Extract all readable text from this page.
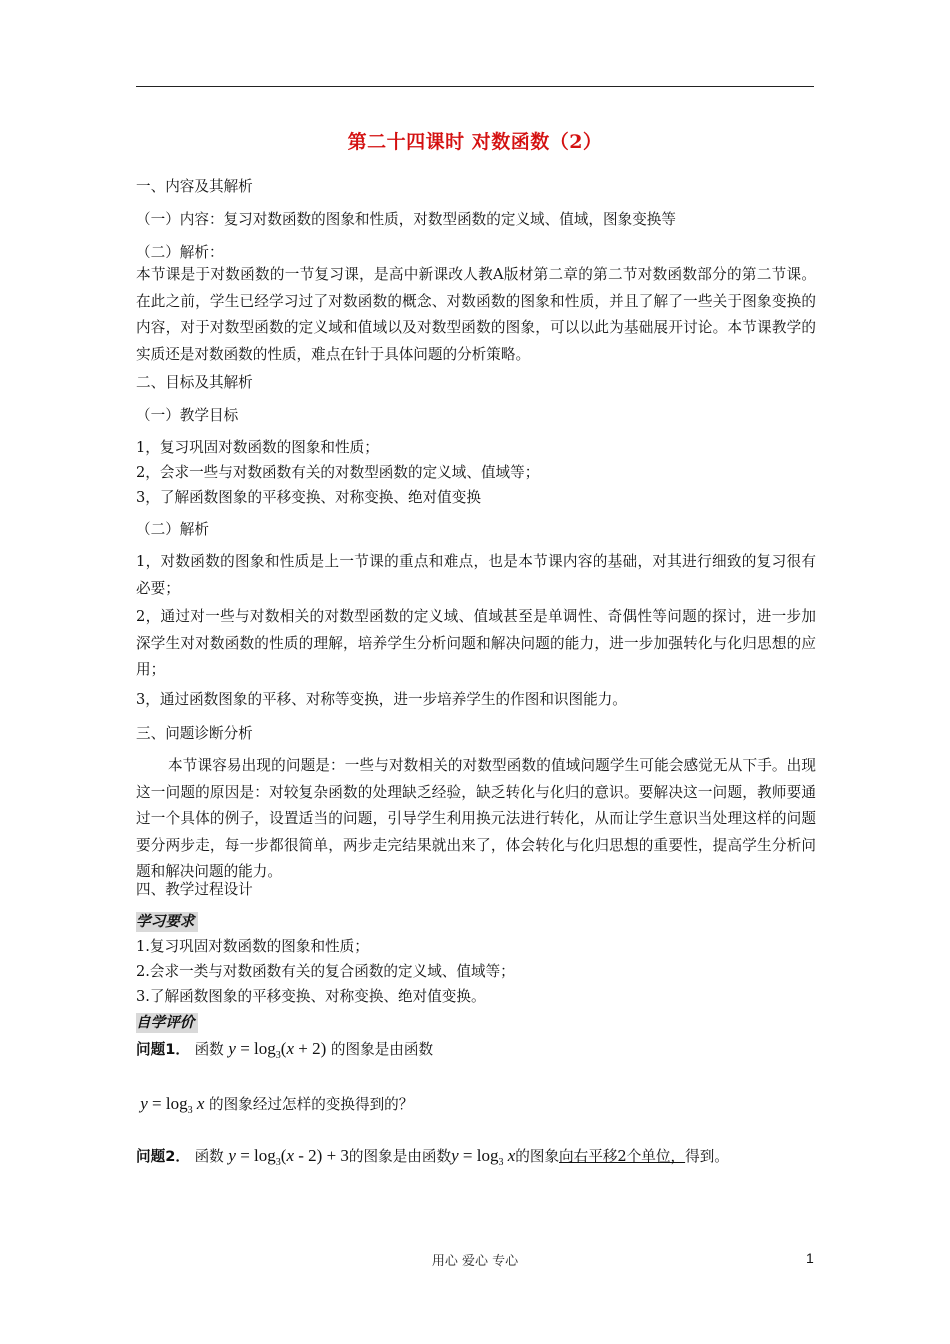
第二十四课时 对数函数（2）
一、内容及其解析
（一）内容：复习对数函数的图象和性质，对数型函数的定义域、值域，图象变换等
（二）解析：
本节课是于对数函数的一节复习课，是高中新课改人教A版材第二章的第二节对数函数部分的第二节课。在此之前，学生已经学习过了对数函数的概念、对数函数的图象和性质，并且了解了一些关于图象变换的内容，对于对数型函数的定义域和值域以及对数型函数的图象，可以以此为基础展开讨论。本节课教学的实质还是对数函数的性质，难点在针于具体问题的分析策略。
二、目标及其解析
（一）教学目标
1，复习巩固对数函数的图象和性质；
2，会求一些与对数函数有关的对数型函数的定义域、值域等；
3，了解函数图象的平移变换、对称变换、绝对值变换
（二）解析
1，对数函数的图象和性质是上一节课的重点和难点，也是本节课内容的基础，对其进行细致的复习很有必要；
2，通过对一些与对数相关的对数型函数的定义域、值域甚至是单调性、奇偶性等问题的探讨，进一步加深学生对对数函数的性质的理解，培养学生分析问题和解决问题的能力，进一步加强转化与化归思想的应用；
3，通过函数图象的平移、对称等变换，进一步培养学生的作图和识图能力。
三、问题诊断分析
本节课容易出现的问题是：一些与对数相关的对数型函数的值域问题学生可能会感觉无从下手。出现这一问题的原因是：对较复杂函数的处理缺乏经验，缺乏转化与化归的意识。要解决这一问题，教师要通过一个具体的例子，设置适当的问题，引导学生利用换元法进行转化，从而让学生意识当处理这样的问题要分两步走，每一步都很简单，两步走完结果就出来了，体会转化与化归思想的重要性，提高学生分析问题和解决问题的能力。
四、教学过程设计
学习要求
1.复习巩固对数函数的图象和性质；
2.会求一类与对数函数有关的复合函数的定义域、值域等；
3.了解函数图象的平移变换、对称变换、绝对值变换。
自学评价
问题1． 函数 $y = \log_3(x + 2)$ 的图象是由函数
$y = \log_3 x$ 的图象经过怎样的变换得到的？
问题2． 函数 $y = \log_3(x - 2) + 3$的图象是由函数$y = \log_3 x$的图象向右平移2个单位，得到。
用心 爱心 专心	1
